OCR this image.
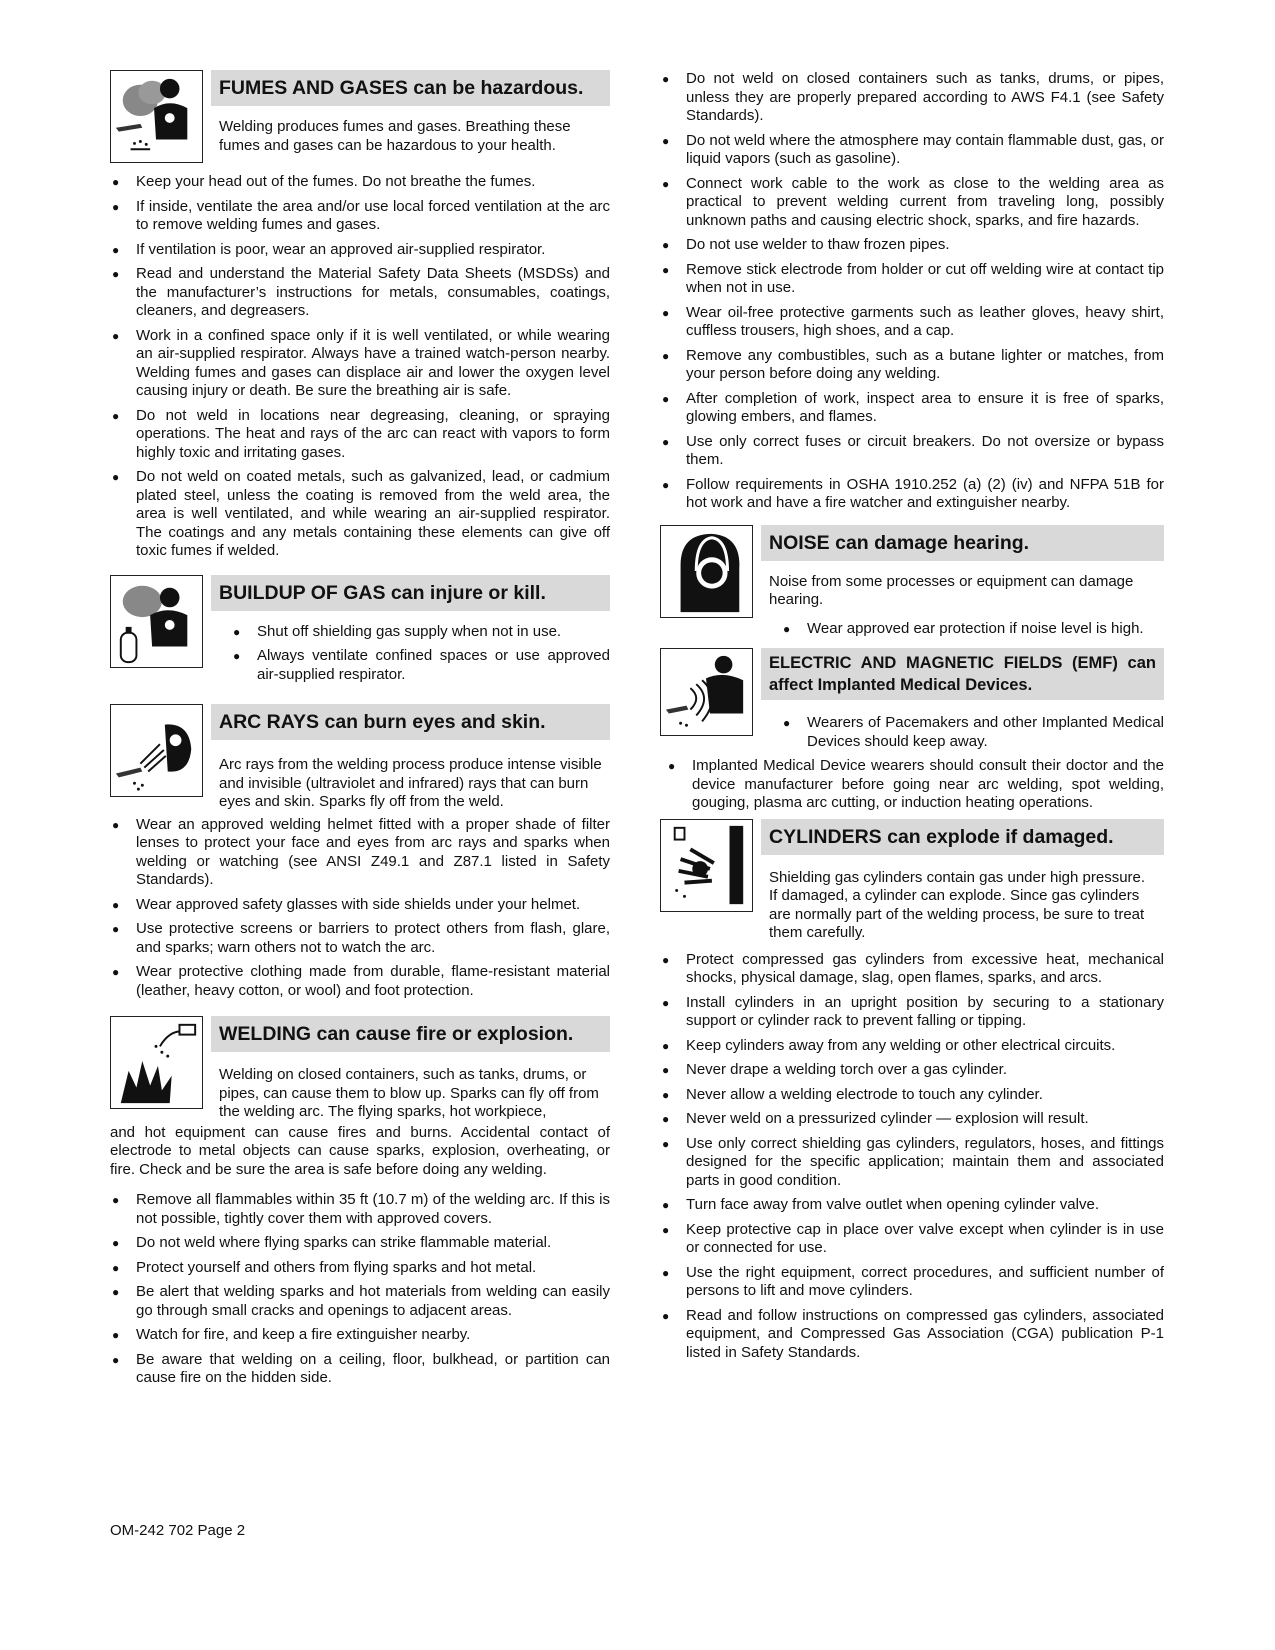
FUMES AND GASES can be hazardous.
Welding produces fumes and gases. Breathing these fumes and gases can be hazardous to your health.
● Keep your head out of the fumes. Do not breathe the fumes.
● If inside, ventilate the area and/or use local forced ventilation at the arc to remove welding fumes and gases.
● If ventilation is poor, wear an approved air-supplied respirator.
● Read and understand the Material Safety Data Sheets (MSDSs) and the manufacturer’s instructions for metals, consumables, coatings, cleaners, and degreasers.
● Work in a confined space only if it is well ventilated, or while wearing an air-supplied respirator. Always have a trained watch-person nearby. Welding fumes and gases can displace air and lower the oxygen level causing injury or death. Be sure the breathing air is safe.
● Do not weld in locations near degreasing, cleaning, or spraying operations. The heat and rays of the arc can react with vapors to form highly toxic and irritating gases.
● Do not weld on coated metals, such as galvanized, lead, or cadmium plated steel, unless the coating is removed from the weld area, the area is well ventilated, and while wearing an air-supplied respirator. The coatings and any metals containing these elements can give off toxic fumes if welded.
BUILDUP OF GAS can injure or kill.
● Shut off shielding gas supply when not in use.
● Always ventilate confined spaces or use approved air-supplied respirator.
ARC RAYS can burn eyes and skin.
Arc rays from the welding process produce intense visible and invisible (ultraviolet and infrared) rays that can burn eyes and skin. Sparks fly off from the weld.
● Wear an approved welding helmet fitted with a proper shade of filter lenses to protect your face and eyes from arc rays and sparks when welding or watching (see ANSI Z49.1 and Z87.1 listed in Safety Standards).
● Wear approved safety glasses with side shields under your helmet.
● Use protective screens or barriers to protect others from flash, glare, and sparks; warn others not to watch the arc.
● Wear protective clothing made from durable, flame-resistant material (leather, heavy cotton, or wool) and foot protection.
WELDING can cause fire or explosion.
Welding on closed containers, such as tanks, drums, or pipes, can cause them to blow up. Sparks can fly off from the welding arc. The flying sparks, hot workpiece,
and hot equipment can cause fires and burns. Accidental contact of electrode to metal objects can cause sparks, explosion, overheating, or fire. Check and be sure the area is safe before doing any welding.
● Remove all flammables within 35 ft (10.7 m) of the welding arc. If this is not possible, tightly cover them with approved covers.
● Do not weld where flying sparks can strike flammable material.
● Protect yourself and others from flying sparks and hot metal.
● Be alert that welding sparks and hot materials from welding can easily go through small cracks and openings to adjacent areas.
● Watch for fire, and keep a fire extinguisher nearby.
● Be aware that welding on a ceiling, floor, bulkhead, or partition can cause fire on the hidden side.
● Do not weld on closed containers such as tanks, drums, or pipes, unless they are properly prepared according to AWS F4.1 (see Safety Standards).
● Do not weld where the atmosphere may contain flammable dust, gas, or liquid vapors (such as gasoline).
● Connect work cable to the work as close to the welding area as practical to prevent welding current from traveling long, possibly unknown paths and causing electric shock, sparks, and fire hazards.
● Do not use welder to thaw frozen pipes.
● Remove stick electrode from holder or cut off welding wire at contact tip when not in use.
● Wear oil-free protective garments such as leather gloves, heavy shirt, cuffless trousers, high shoes, and a cap.
● Remove any combustibles, such as a butane lighter or matches, from your person before doing any welding.
● After completion of work, inspect area to ensure it is free of sparks, glowing embers, and flames.
● Use only correct fuses or circuit breakers. Do not oversize or bypass them.
● Follow requirements in OSHA 1910.252 (a) (2) (iv) and NFPA 51B for hot work and have a fire watcher and extinguisher nearby.
NOISE can damage hearing.
Noise from some processes or equipment can damage hearing.
● Wear approved ear protection if noise level is high.
ELECTRIC AND MAGNETIC FIELDS (EMF) can affect Implanted Medical Devices.
● Wearers of Pacemakers and other Implanted Medical Devices should keep away.
● Implanted Medical Device wearers should consult their doctor and the device manufacturer before going near arc welding, spot welding, gouging, plasma arc cutting, or induction heating operations.
CYLINDERS can explode if damaged.
Shielding gas cylinders contain gas under high pressure. If damaged, a cylinder can explode. Since gas cylinders are normally part of the welding process, be sure to treat them carefully.
● Protect compressed gas cylinders from excessive heat, mechanical shocks, physical damage, slag, open flames, sparks, and arcs.
● Install cylinders in an upright position by securing to a stationary support or cylinder rack to prevent falling or tipping.
● Keep cylinders away from any welding or other electrical circuits.
● Never drape a welding torch over a gas cylinder.
● Never allow a welding electrode to touch any cylinder.
● Never weld on a pressurized cylinder — explosion will result.
● Use only correct shielding gas cylinders, regulators, hoses, and fittings designed for the specific application; maintain them and associated parts in good condition.
● Turn face away from valve outlet when opening cylinder valve.
● Keep protective cap in place over valve except when cylinder is in use or connected for use.
● Use the right equipment, correct procedures, and sufficient number of persons to lift and move cylinders.
● Read and follow instructions on compressed gas cylinders, associated equipment, and Compressed Gas Association (CGA) publication P-1 listed in Safety Standards.
OM-242 702 Page 2
